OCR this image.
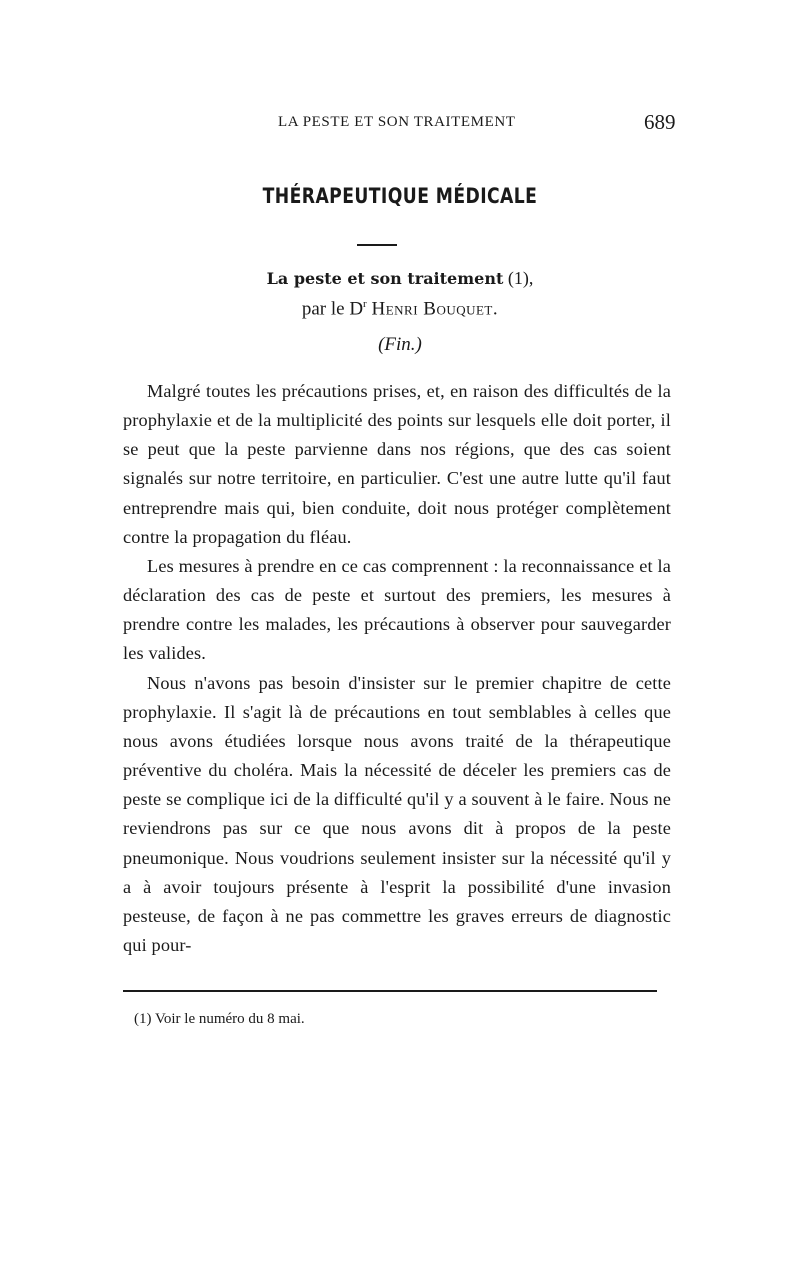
LA PESTE ET SON TRAITEMENT	689
THÉRAPEUTIQUE MÉDICALE
La peste et son traitement (1),
par le $D^r$ Henri Bouquet.
(Fin.)

Malgré toutes les précautions prises, et, en raison des difficultés de la prophylaxie et de la multiplicité des points sur lesquels elle doit porter, il se peut que la peste parvienne dans nos régions, que des cas soient signalés sur notre territoire, en particulier. C'est une autre lutte qu'il faut entreprendre mais qui, bien conduite, doit nous protéger complètement contre la propagation du fléau.

Les mesures à prendre en ce cas comprennent : la reconnaissance et la déclaration des cas de peste et surtout des premiers, les mesures à prendre contre les malades, les précautions à observer pour sauvegarder les valides.

Nous n'avons pas besoin d'insister sur le premier chapitre de cette prophylaxie. Il s'agit là de précautions en tout semblables à celles que nous avons étudiées lorsque nous avons traité de la thérapeutique préventive du choléra. Mais la nécessité de déceler les premiers cas de peste se complique ici de la difficulté qu'il y a souvent à le faire. Nous ne reviendrons pas sur ce que nous avons dit à propos de la peste pneumonique. Nous voudrions seulement insister sur la nécessité qu'il y a à avoir toujours présente à l'esprit la possibilité d'une invasion pesteuse, de façon à ne pas commettre les graves erreurs de diagnostic qui pour-

(1) Voir le numéro du 8 mai.
